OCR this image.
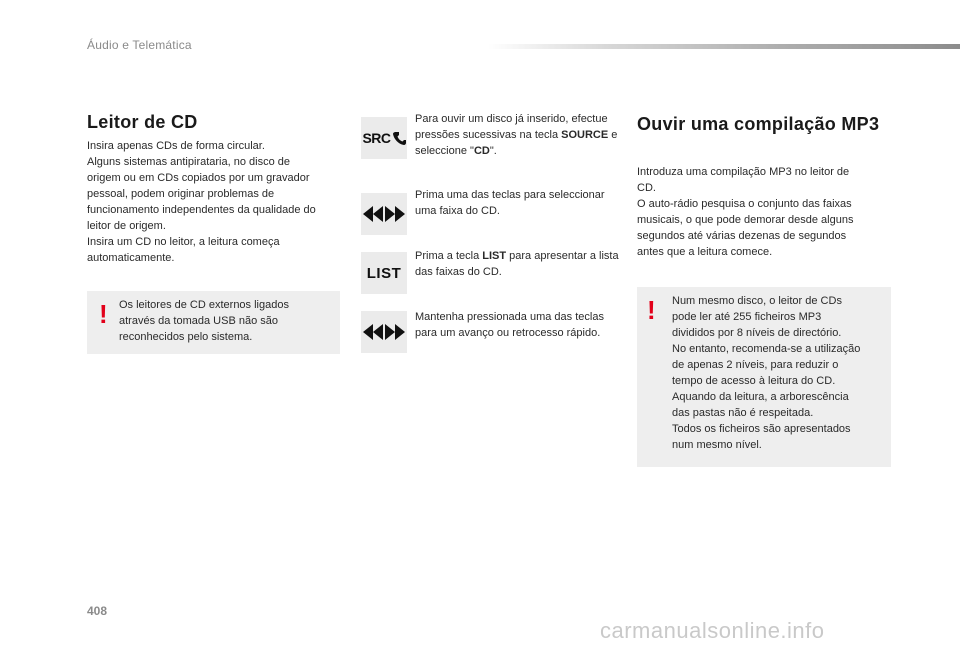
Áudio e Telemática
Leitor de CD
Insira apenas CDs de forma circular.
Alguns sistemas antipirataria, no disco de
origem ou em CDs copiados por um gravador
pessoal, podem originar problemas de
funcionamento independentes da qualidade do
leitor de origem.
Insira um CD no leitor, a leitura começa
automaticamente.
! Os leitores de CD externos ligados
através da tomada USB não são
reconhecidos pelo sistema.
SRC
Para ouvir um disco já inserido, efectue pressões sucessivas na tecla SOURCE e seleccione "CD".
Prima uma das teclas para seleccionar uma faixa do CD.
LIST
Prima a tecla LIST para apresentar a lista das faixas do CD.
Mantenha pressionada uma das teclas para um avanço ou retrocesso rápido.
Ouvir uma compilação MP3
Introduza uma compilação MP3 no leitor de
CD.
O auto-rádio pesquisa o conjunto das faixas
musicais, o que pode demorar desde alguns
segundos até várias dezenas de segundos
antes que a leitura comece.
! Num mesmo disco, o leitor de CDs
pode ler até 255 ficheiros MP3
divididos por 8 níveis de directório.
No entanto, recomenda-se a utilização
de apenas 2 níveis, para reduzir o
tempo de acesso à leitura do CD.
Aquando da leitura, a arborescência
das pastas não é respeitada.
Todos os ficheiros são apresentados
num mesmo nível.
408
carmanualsonline.info
